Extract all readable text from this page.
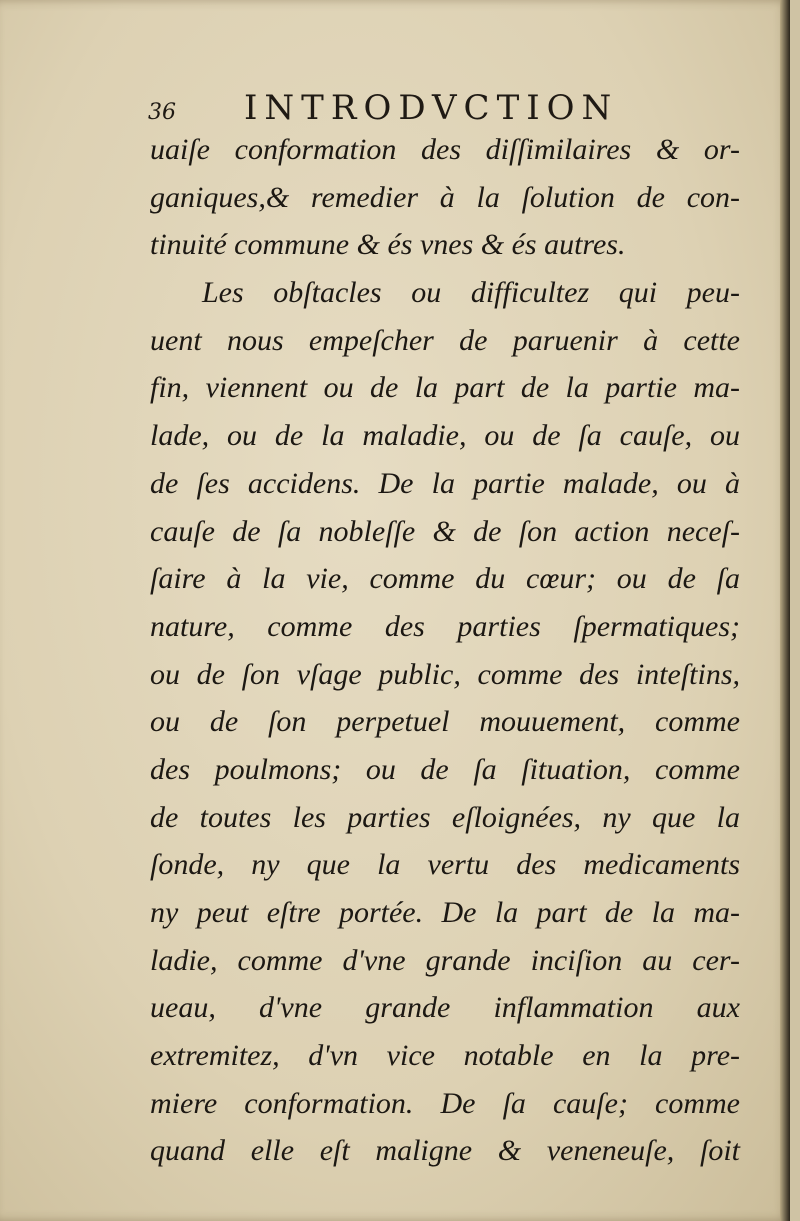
36 INTRODVCTION
uaiſe conformation des diſſimilaires & or-
ganiques,& remedier à la ſolution de con-
tinuité commune & és vnes & és autres.
Les obſtacles ou difficultez qui peu-
uent nous empeſcher de paruenir à cette
fin, viennent ou de la part de la partie ma-
lade, ou de la maladie, ou de ſa cauſe, ou
de ſes accidens. De la partie malade, ou à
cauſe de ſa nobleſſe & de ſon action neceſ-
ſaire à la vie, comme du cœur; ou de ſa
nature, comme des parties ſpermatiques;
ou de ſon vſage public, comme des inteſtins,
ou de ſon perpetuel mouuement, comme
des poulmons; ou de ſa ſituation, comme
de toutes les parties eſloignées, ny que la
ſonde, ny que la vertu des medicaments
ny peut eſtre portée. De la part de la ma-
ladie, comme d'vne grande inciſion au cer-
ueau, d'vne grande inflammation aux
extremitez, d'vn vice notable en la pre-
miere conformation. De ſa cauſe; comme
quand elle eſt maligne & veneneuſe, ſoit
